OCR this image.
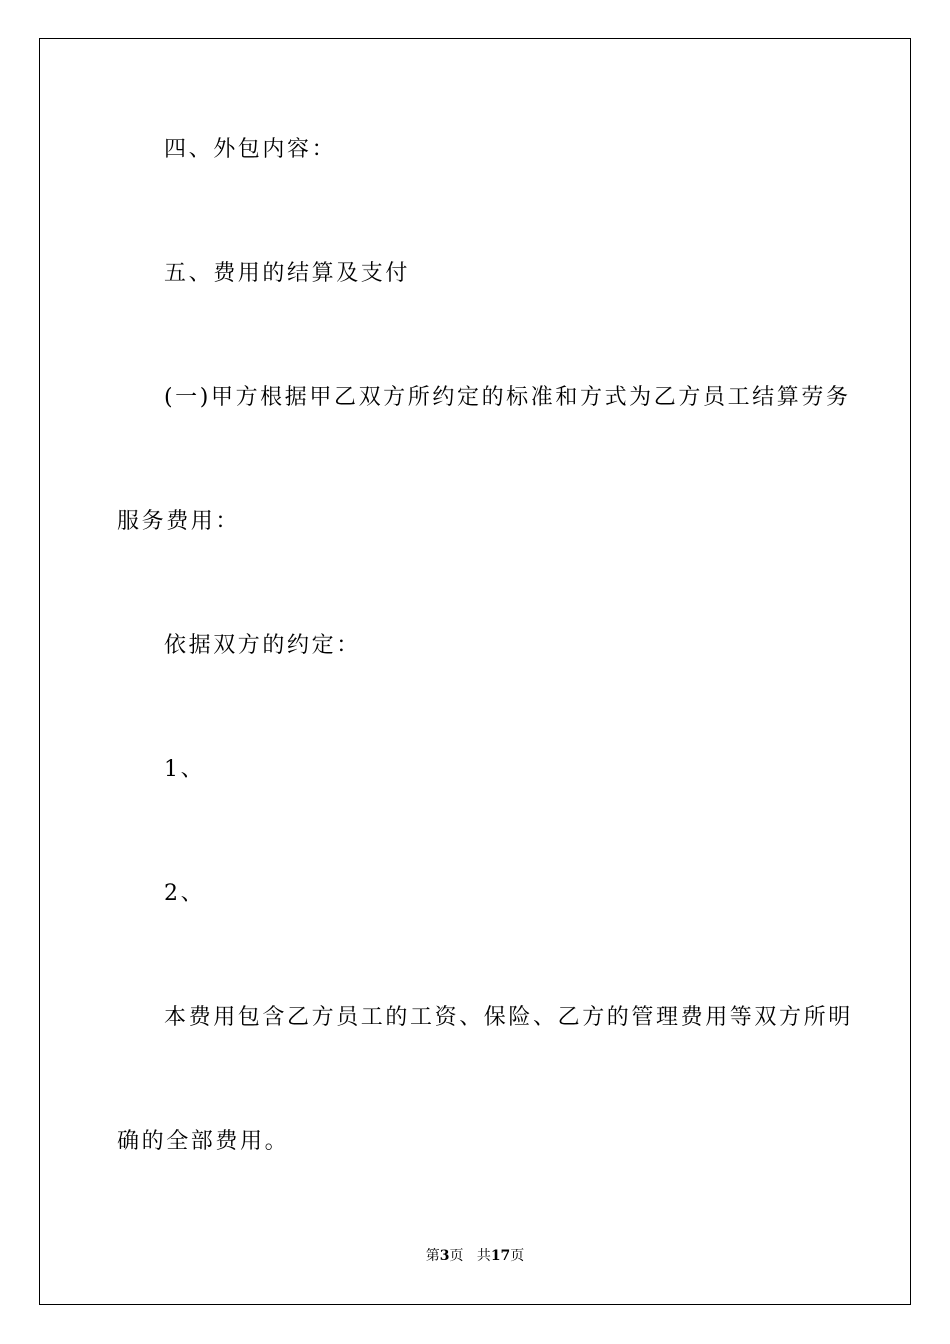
四、外包内容：
五、费用的结算及支付
(一)甲方根据甲乙双方所约定的标准和方式为乙方员工结算劳务
服务费用：
依据双方的约定：
1、
2、
本费用包含乙方员工的工资、保险、乙方的管理费用等双方所明
确的全部费用。
第3页 共17页
